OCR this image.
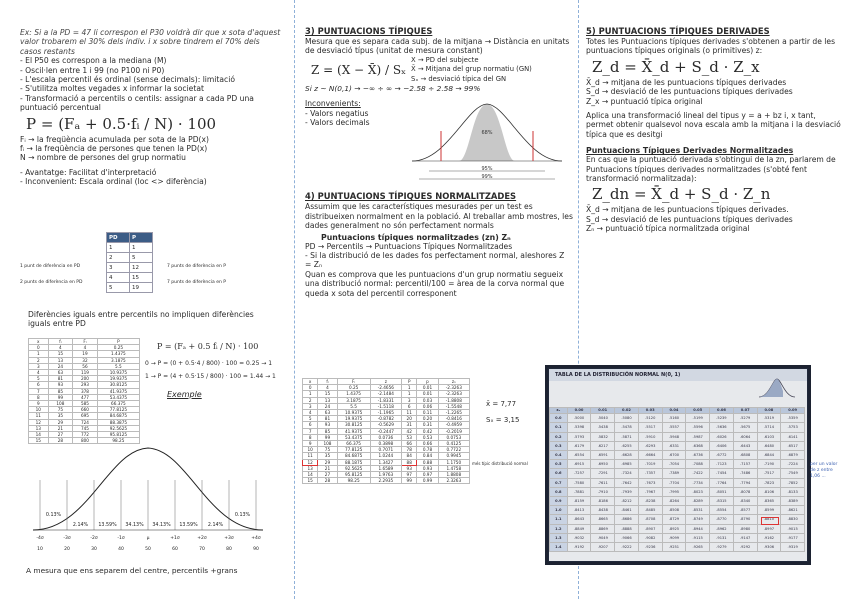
Ex: Si a la PD = 47 li correspon el P30 voldrà dir que x sota d'aquest valor trobarem el 30% dels indiv. i x sobre tindrem el 70% dels casos restants

- El P50 es correspon a la mediana (M)

- Oscil·len entre 1 i 99 (no P100 ni P0)

- L'escala percentil és ordinal (sense decimals): limitació

- S'utilitza moltes vegades x informar la societat

- Transformació a percentils o centils: assignar a cada PD una puntuació percentual

P = (Fₐ + 0.5·fᵢ / N) · 100

Fᵢ → la freqüència acumulada per sota de la PD(x)

fᵢ → la freqüència de persones que tenen la PD(x)

N → nombre de persones del grup normatiu

- Avantatge: Facilitat d'interpretació

- Inconvenient: Escala ordinal (loc <> diferència)

PD	P
1	1
2	5
3	12
4	15
5	19
1 punt de diferència en PD
2 punts de diferència en PD
7 punts de diferència en P
7 punts de diferència en P

Diferències iguals entre percentils no impliquen diferències iguals entre PD

x	fᵢ	Fᵢ	P
0	4	4	0.25
1	15	19	1.4375
2	13	32	3.1875
3	24	56	5.5
4	63	119	10.9375
5	81	200	19.9375
6	93	293	30.8125
7	85	378	41.9375
8	99	477	53.4375
9	108	585	66.375
10	75	660	77.8125
11	35	695	84.6875
12	29	724	88.3875
13	21	745	92.5625
14	27	772	95.8125
15	28	800	98.25

P = (Fₐ + 0.5 fᵢ / N) · 100

0 → P = (0 + 0.5·4 / 800) · 100 = 0.25 → 1

1 → P = (4 + 0.5·15 / 800) · 100 = 1.44 → 1

Exemple

0.13%
2.14% 13.59% 34.13% 34.13% 13.59% 2.14%
0.13%
-4σ	-3σ	-2σ	-1σ	μ	+1σ	+2σ	+3σ	+4σ
10	20	30	40	50	60	70	80	90

A mesura que ens separem del centre, percentils +grans

3) PUNTUACIONS TÍPIQUES

Mesura que es separa cada subj. de la mitjana → Distància en unitats de desviació típus (unitat de mesura constant)

Z = (X − X̄) / Sₓ

X → PD del subjecte

X̄ → Mitjana del grup normatiu (GN)

Sₓ → desviació típica del GN

Si z ~ N(0,1) → −∞ ÷ ∞ → −2.58 ÷ 2.58 → 99%

Inconvenients:

- Valors negatius

- Valors decimals

68%
95%
99%

4) PUNTUACIONS TÍPIQUES NORMALITZADES

Assumim que les característiques mesurades per un test es distribueixen normalment en la població. Al treballar amb mostres, les dades generalment no són perfectament normals

Puntuacions típiques normalitzades (zn) Zₙ

PD → Percentils → Puntuacions Típiques Normalitzades

- Si la distribució de les dades fos perfectament normal, aleshores Z = Zₙ

Quan es comprova que les puntuacions d'un grup normatiu segueix una distribució normal: percentil/100 = àrea de la corva normal que queda x sota del percentil corresponent

x	fᵢ	Fᵢ	z	P	p	zₙ
0	4	0.25	-2.4656	1	0.01	-2.3263
1	15	1.4375	-2.1484	1	0.01	-2.3263
2	13	3.1875	-1.8331	3	0.03	-1.8808
3	24	5.5	-1.5118	6	0.06	-1.5548
4	63	10.9375	-1.1965	11	0.11	-1.2265
5	81	19.9375	-0.8782	20	0.20	-0.8416
6	93	30.8125	-0.5629	31	0.31	-0.4959
7	85	41.9375	-0.2447	42	0.42	-0.2019
8	99	53.4375	0.0736	53	0.53	0.0753
9	108	66.375	0.3898	66	0.66	0.4125
10	75	77.8125	0.7071	78	0.78	0.7722
11	35	84.6875	1.0244	84	0.84	0.9945
12	29	88.1875	1.3427	88	0.88	1.1750
13	21	92.5625	1.6589	93	0.93	1.4758
14	27	95.8125	1.9763	97	0.97	1.8808
15	28	98.25	2.2935	99	0.99	2.3263

x̄ = 7,77

Sₓ = 3,15

més típic distribució normal

5) PUNTUACIONS TÍPIQUES DERIVADES

Totes les Puntuacions típiques derivades s'obtenen a partir de les puntuacions típiques originals (o primitives) z:

Z_d = X̄_d + S_d · Z_x

X̄_d → mitjana de les puntuacions típiques derivades

S_d → desviació de les puntuacions típiques derivades

Z_x → puntuació típica original

Aplica una transformació lineal del tipus y = a + bz i, x tant, permet obtenir qualsevol nova escala amb la mitjana i la desviació típica que es desitgi

Puntuacions Típiques Derivades Normalitzades

En cas que la puntuació derivada s'obtingui de la zn, parlarem de Puntuacions típiques derivades normalitzades (s'obté fent transformació normalitzada):

Z_dn = X̄_d + S_d · Z_n

X̄_d → mitjana de les puntuacions típiques derivades.

S_d → desviació de les puntuacions típiques derivades

Zₙ → puntuació típica normalitzada original

TABLA DE LA DISTRIBUCIÓN NORMAL N(0, 1)
zₒ	0.00	0.01	0.02	0.03	0.04	0.05	0.06	0.07	0.08	0.09
0.0	.5000	.5040	.5080	.5120	.5160	.5199	.5239	.5279	.5319	.5359
0.1	.5398	.5438	.5478	.5517	.5557	.5596	.5636	.5675	.5714	.5753
0.2	.5793	.5832	.5871	.5910	.5948	.5987	.6026	.6064	.6103	.6141
0.3	.6179	.6217	.6255	.6293	.6331	.6368	.6406	.6443	.6480	.6517
0.4	.6554	.6591	.6628	.6664	.6700	.6736	.6772	.6808	.6844	.6879
0.5	.6915	.6950	.6985	.7019	.7054	.7088	.7123	.7157	.7190	.7224
0.6	.7257	.7291	.7324	.7357	.7389	.7422	.7454	.7486	.7517	.7549
0.7	.7580	.7611	.7642	.7673	.7704	.7734	.7764	.7794	.7823	.7852
0.8	.7881	.7910	.7939	.7967	.7995	.8023	.8051	.8078	.8106	.8133
0.9	.8159	.8186	.8212	.8238	.8264	.8289	.8315	.8340	.8365	.8389
1.0	.8413	.8438	.8461	.8485	.8508	.8531	.8554	.8577	.8599	.8621
1.1	.8643	.8665	.8686	.8708	.8729	.8749	.8770	.8790	.8810	.8830
1.2	.8849	.8869	.8888	.8907	.8925	.8944	.8962	.8980	.8997	.9015
1.3	.9032	.9049	.9066	.9082	.9099	.9115	.9131	.9147	.9162	.9177
1.4	.9192	.9207	.9222	.9236	.9251	.9265	.9279	.9292	.9306	.9319

per un valor de z entre 1,06 ...
